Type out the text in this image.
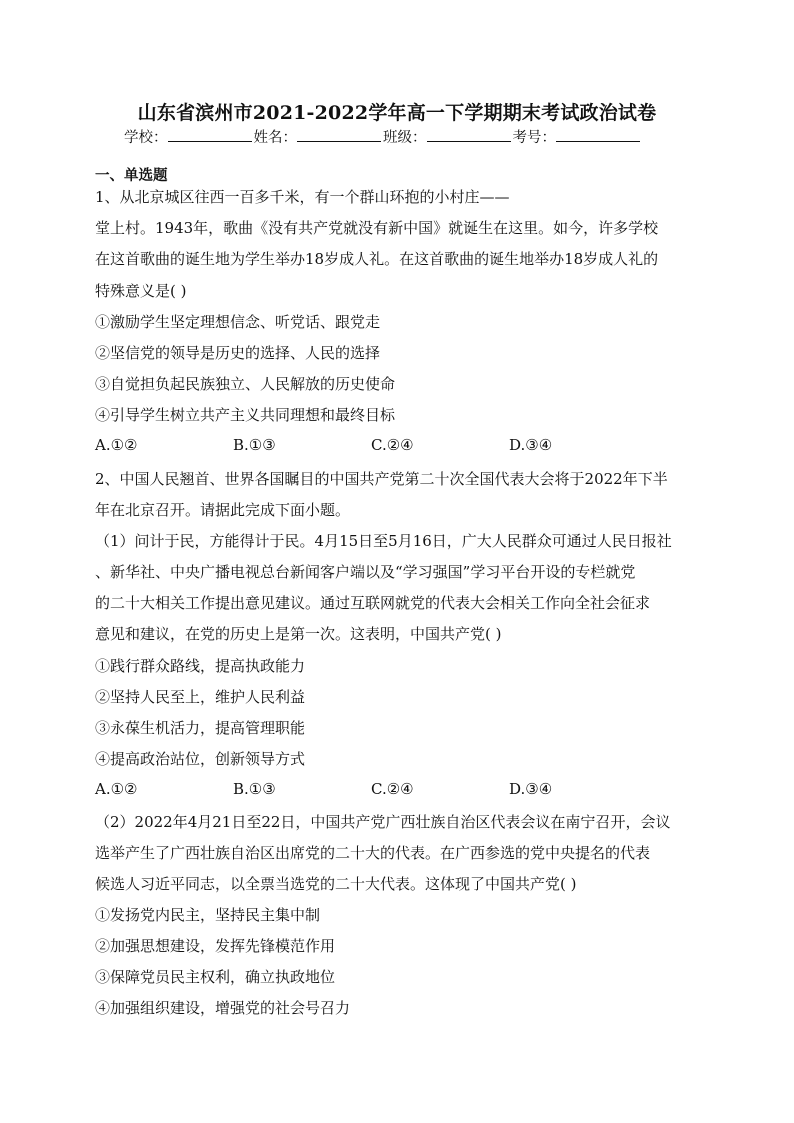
山东省滨州市2021-2022学年高一下学期期末考试政治试卷
学校：	姓名：	班级：	考号：
一、单选题
1、从北京城区往西一百多千米，有一个群山环抱的小村庄——
堂上村。1943年，歌曲《没有共产党就没有新中国》就诞生在这里。如今，许多学校
在这首歌曲的诞生地为学生举办18岁成人礼。在这首歌曲的诞生地举办18岁成人礼的
特殊意义是( )
①激励学生坚定理想信念、听党话、跟党走
②坚信党的领导是历史的选择、人民的选择
③自觉担负起民族独立、人民解放的历史使命
④引导学生树立共产主义共同理想和最终目标
A.①②	B.①③	C.②④	D.③④
2、中国人民翘首、世界各国瞩目的中国共产党第二十次全国代表大会将于2022年下半
年在北京召开。请据此完成下面小题。
（1）问计于民，方能得计于民。4月15日至5月16日，广大人民群众可通过人民日报社
、新华社、中央广播电视总台新闻客户端以及“学习强国”学习平台开设的专栏就党
的二十大相关工作提出意见建议。通过互联网就党的代表大会相关工作向全社会征求
意见和建议，在党的历史上是第一次。这表明，中国共产党( )
①践行群众路线，提高执政能力
②坚持人民至上，维护人民利益
③永葆生机活力，提高管理职能
④提高政治站位，创新领导方式
A.①②	B.①③	C.②④	D.③④
（2）2022年4月21日至22日，中国共产党广西壮族自治区代表会议在南宁召开，会议
选举产生了广西壮族自治区出席党的二十大的代表。在广西参选的党中央提名的代表
候选人习近平同志，以全票当选党的二十大代表。这体现了中国共产党( )
①发扬党内民主，坚持民主集中制
②加强思想建设，发挥先锋模范作用
③保障党员民主权利，确立执政地位
④加强组织建设，增强党的社会号召力
